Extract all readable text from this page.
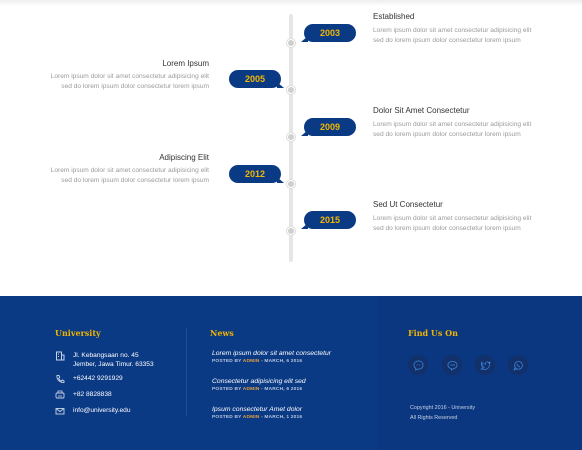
2003
Established
Lorem ipsum dolor sit amet consectetur adipisicing elit sed do lorem ipsum dolor consectetur lorem ipsum
2005
Lorem Ipsum
Lorem ipsum dolor sit amet consectetur adipisicing elit sed do lorem ipsum dolor consectetur lorem ipsum
2009
Dolor Sit Amet Consectetur
Lorem ipsum dolor sit amet consectetur adipisicing elit sed do lorem ipsum dolor consectetur lorem ipsum
2012
Adipiscing Elit
Lorem ipsum dolor sit amet consectetur adipisicing elit sed do lorem ipsum dolor consectetur lorem ipsum
2015
Sed Ut Consectetur
Lorem ipsum dolor sit amet consectetur adipisicing elit sed do lorem ipsum dolor consectetur lorem ipsum
University
Jl. Kebangsaan no. 45
Jember, Jawa Timur. 63353
+62442 9291929
+82 8828838
info@university.edu
News
Lorem ipsum dolor sit amet consectetur
POSTED BY ADMIN - MARCH, 6 2016
Consectetur adipisicing elit sed
POSTED BY ADMIN - MARCH, 6 2016
Ipsum consectetur Amet dolor
POSTED BY ADMIN - MARCH, 1 2016
Find Us On
Copyright 2016 - University
All Rights Reserved
LINE
